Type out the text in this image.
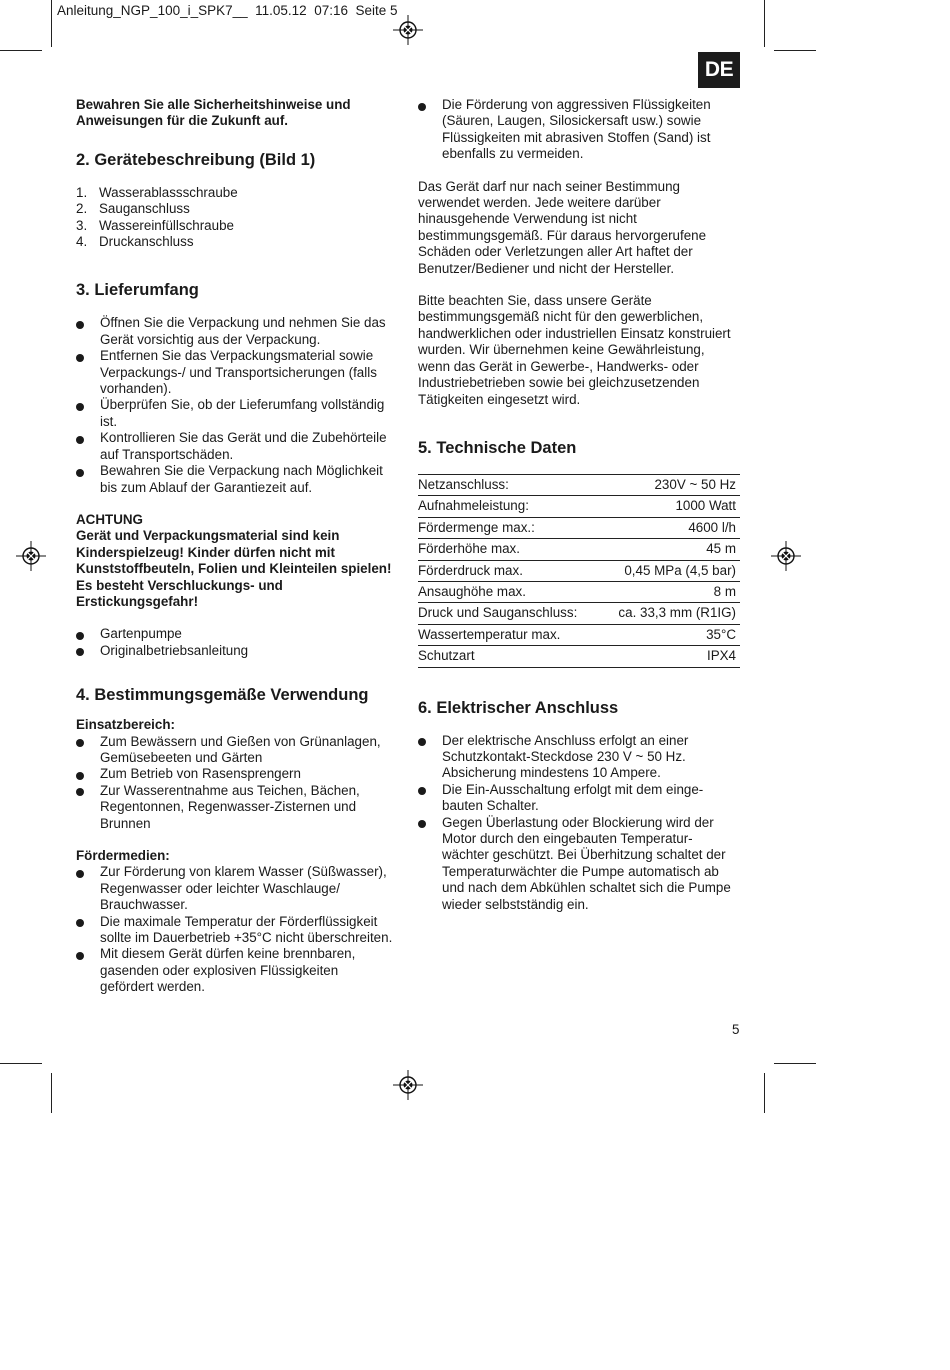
Anleitung_NGP_100_i_SPK7__  11.05.12  07:16  Seite 5
DE

Bewahren Sie alle Sicherheitshinweise und
Anweisungen für die Zukunft auf.

2. Gerätebeschreibung (Bild 1)
1. Wasserablassschraube
2. Sauganschluss
3. Wassereinfüllschraube
4. Druckanschluss
3. Lieferumfang
Öffnen Sie die Verpackung und nehmen Sie das
Gerät vorsichtig aus der Verpackung.
Entfernen Sie das Verpackungsmaterial sowie
Verpackungs-/ und Transportsicherungen (falls
vorhanden).
Überprüfen Sie, ob der Lieferumfang vollständig
ist.
Kontrollieren Sie das Gerät und die Zubehörteile
auf Transportschäden.
Bewahren Sie die Verpackung nach Möglichkeit
bis zum Ablauf der Garantiezeit auf.

ACHTUNG
Gerät und Verpackungsmaterial sind kein
Kinderspielzeug! Kinder dürfen nicht mit
Kunststoffbeuteln, Folien und Kleinteilen spielen!
Es besteht Verschluckungs- und
Erstickungsgefahr!

Gartenpumpe
Originalbetriebsanleitung
4. Bestimmungsgemäße Verwendung

Einsatzbereich:

Zum Bewässern und Gießen von Grünanlagen,
Gemüsebeeten und Gärten
Zum Betrieb von Rasensprengern
Zur Wasserentnahme aus Teichen, Bächen,
Regentonnen, Regenwasser-Zisternen und
Brunnen

Fördermedien:

Zur Förderung von klarem Wasser (Süßwasser),
Regenwasser oder leichter Waschlauge/
Brauchwasser.
Die maximale Temperatur der Förderflüssigkeit
sollte im Dauerbetrieb +35°C nicht überschreiten.
Mit diesem Gerät dürfen keine brennbaren,
gasenden oder explosiven Flüssigkeiten
gefördert werden.
Die Förderung von aggressiven Flüssigkeiten
(Säuren, Laugen, Silosickersaft usw.) sowie
Flüssigkeiten mit abrasiven Stoffen (Sand) ist
ebenfalls zu vermeiden.

Das Gerät darf nur nach seiner Bestimmung
verwendet werden. Jede weitere darüber
hinausgehende Verwendung ist nicht
bestimmungsgemäß. Für daraus hervorgerufene
Schäden oder Verletzungen aller Art haftet der
Benutzer/Bediener und nicht der Hersteller.

Bitte beachten Sie, dass unsere Geräte
bestimmungsgemäß nicht für den gewerblichen,
handwerklichen oder industriellen Einsatz konstruiert
wurden. Wir übernehmen keine Gewährleistung,
wenn das Gerät in Gewerbe-, Handwerks- oder
Industriebetrieben sowie bei gleichzusetzenden
Tätigkeiten eingesetzt wird.

5. Technische Daten
Netzanschluss:	230V ~ 50 Hz
Aufnahmeleistung:	1000 Watt
Fördermenge max.:	4600 l/h
Förderhöhe max.	45 m
Förderdruck max.	0,45 MPa (4,5 bar)
Ansaughöhe max.	8 m
Druck und Sauganschluss:	ca. 33,3 mm (R1IG)
Wassertemperatur max.	35°C
Schutzart	IPX4
6. Elektrischer Anschluss
Der elektrische Anschluss erfolgt an einer
Schutzkontakt-Steckdose 230 V ~ 50 Hz.
Absicherung mindestens 10 Ampere.
Die Ein-Ausschaltung erfolgt mit dem einge-
bauten Schalter.
Gegen Überlastung oder Blockierung wird der
Motor durch den eingebauten Temperatur-
wächter geschützt. Bei Überhitzung schaltet der
Temperaturwächter die Pumpe automatisch ab
und nach dem Abkühlen schaltet sich die Pumpe
wieder selbstständig ein.
5
